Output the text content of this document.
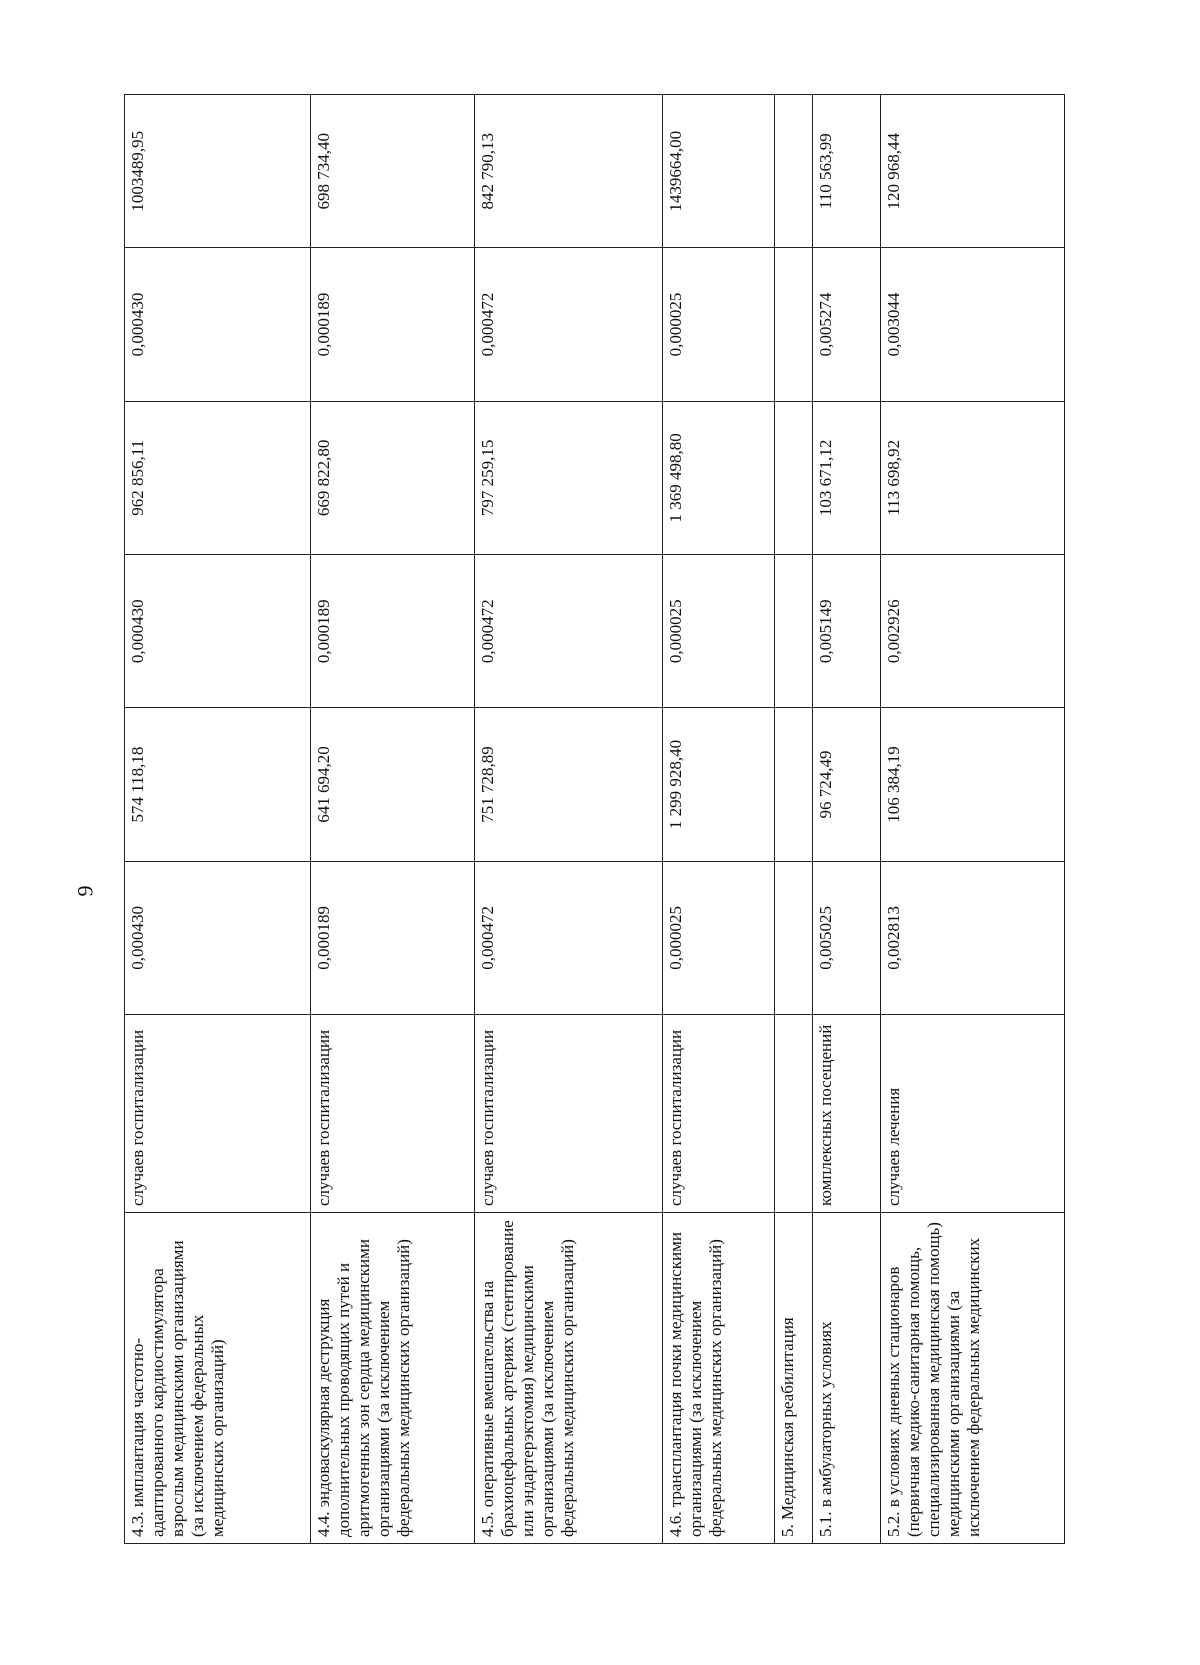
9
4.3. имплантация частотно-адаптированного кардиостимулятора взрослым медицинскими организациями (за исключением федеральных медицинских организаций)	случаев госпитализации	0,000430	574 118,18	0,000430	962 856,11	0,000430	1003489,95
4.4. эндоваскулярная деструкция дополнительных проводящих путей и аритмогенных зон сердца медицинскими организациями (за исключением федеральных медицинских организаций)	случаев госпитализации	0,000189	641 694,20	0,000189	669 822,80	0,000189	698 734,40
4.5. оперативные вмешательства на брахиоцефальных артериях (стентирование или эндартерэктомия) медицинскими организациями (за исключением федеральных медицинских организаций)	случаев госпитализации	0,000472	751 728,89	0,000472	797 259,15	0,000472	842 790,13
4.6. трансплантация почки медицинскими организациями (за исключением федеральных медицинских организаций)	случаев госпитализации	0,000025	1 299 928,40	0,000025	1 369 498,80	0,000025	1439664,00
5. Медицинская реабилитация							
5.1. в амбулаторных условиях	комплексных посещений	0,005025	96 724,49	0,005149	103 671,12	0,005274	110 563,99
5.2. в условиях дневных стационаров (первичная медико-санитарная помощь, специализированная медицинская помощь) медицинскими организациями (за исключением федеральных медицинских	случаев лечения	0,002813	106 384,19	0,002926	113 698,92	0,003044	120 968,44
